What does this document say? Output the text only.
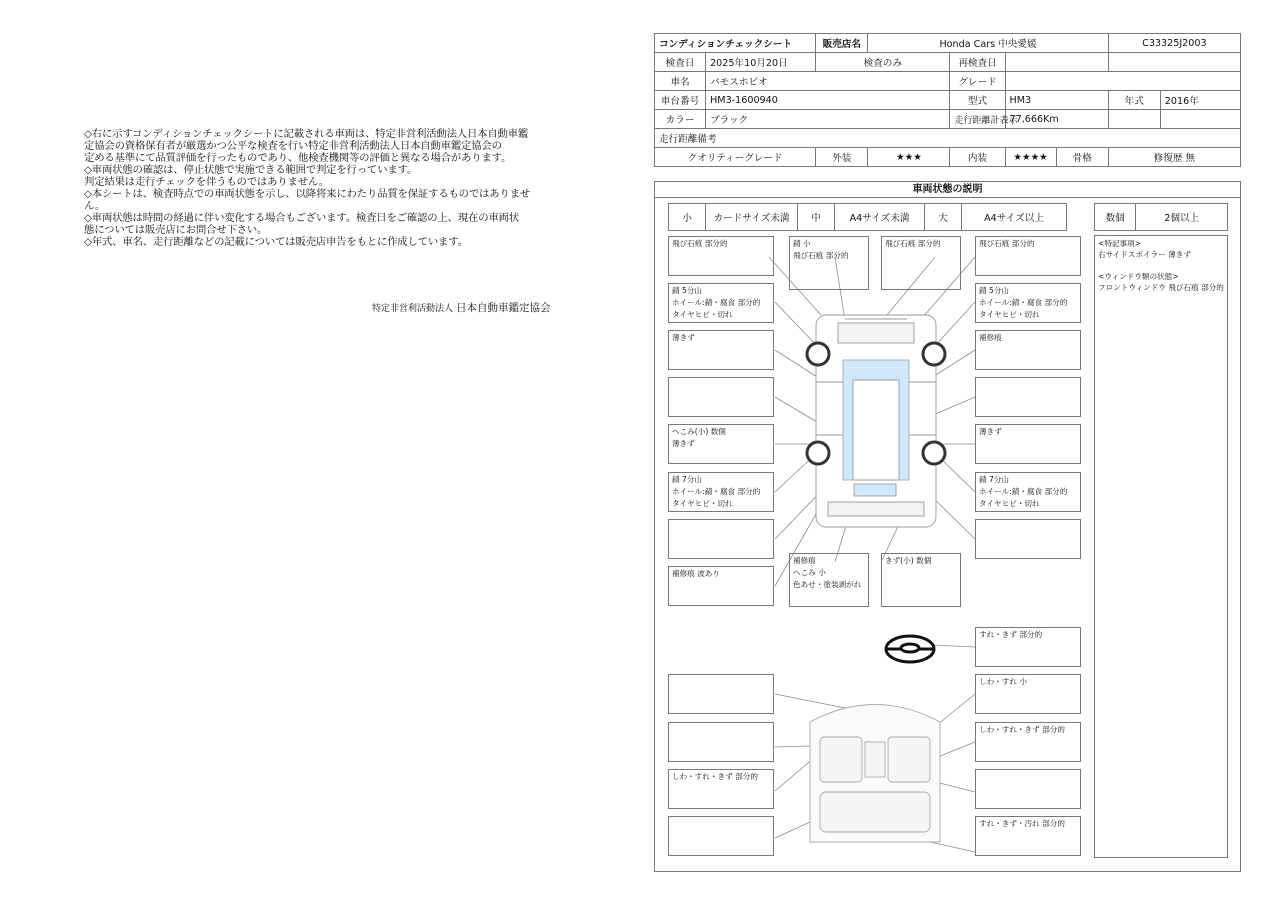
◇右に示すコンディションチェックシートに記載される車両は、特定非営利活動法人日本自動車鑑
定協会の資格保有者が厳選かつ公平な検査を行い特定非営利活動法人日本自動車鑑定協会の
定める基準にて品質評価を行ったものであり、他検査機関等の評価と異なる場合があります。
◇車両状態の確認は、停止状態で実施できる範囲で判定を行っています。
判定結果は走行チェックを伴うものではありません。
◇本シートは、検査時点での車両状態を示し、以降将来にわたり品質を保証するものではありませ
ん。
◇車両状態は時間の経過に伴い変化する場合もございます。検査日をご確認の上、現在の車両状
態については販売店にお問合せ下さい。
◇年式、車名、走行距離などの記載については販売店申告をもとに作成しています。
特定非営利活動法人 日本自動車鑑定協会
コンディションチェックシート		販売店名	Honda Cars 中央愛媛				C33325J2003	
検査日	2025年10月20日	検査のみ		再検査日				
車名	バモスホビオ			グレード				
車台番号	HM3-1600940			型式	HM3		年式	2016年
カラー	ブラック			走行距離計表示	77,666Km			
走行距離備考								
クオリティーグレード		外装	★★★	内装	★★★★	骨格	修復歴 無	
車両状態の説明
小	カードサイズ未満	中	A4サイズ未満	大	A4サイズ以上	数個	2個以上
<特記事項>
右サイドスポイラー 薄きず

<ウィンドウ類の状態>
フロントウィンドウ 飛び石痕 部分的
飛び石痕 部分的	錆 小
飛び石痕 部分的
飛び石痕 部分的	飛び石痕 部分的
錆 5分山
ホイール:錆・腐食 部分的
タイヤヒビ・切れ
錆 5分山
ホイール:錆・腐食 部分的
タイヤヒビ・切れ
薄きず	補修痕
へこみ(小) 数個
薄きず
薄きず
錆 7分山
ホイール:錆・腐食 部分的
タイヤヒビ・切れ
錆 7分山
ホイール:錆・腐食 部分的
タイヤヒビ・切れ
補修痕 波あり
補修痕
へこみ 小
色あせ・塗装剥がれ
きず(小) 数個
すれ・きず 部分的
しわ・すれ 小
しわ・すれ・きず 部分的
しわ・すれ・きず 部分的
すれ・きず・汚れ 部分的
